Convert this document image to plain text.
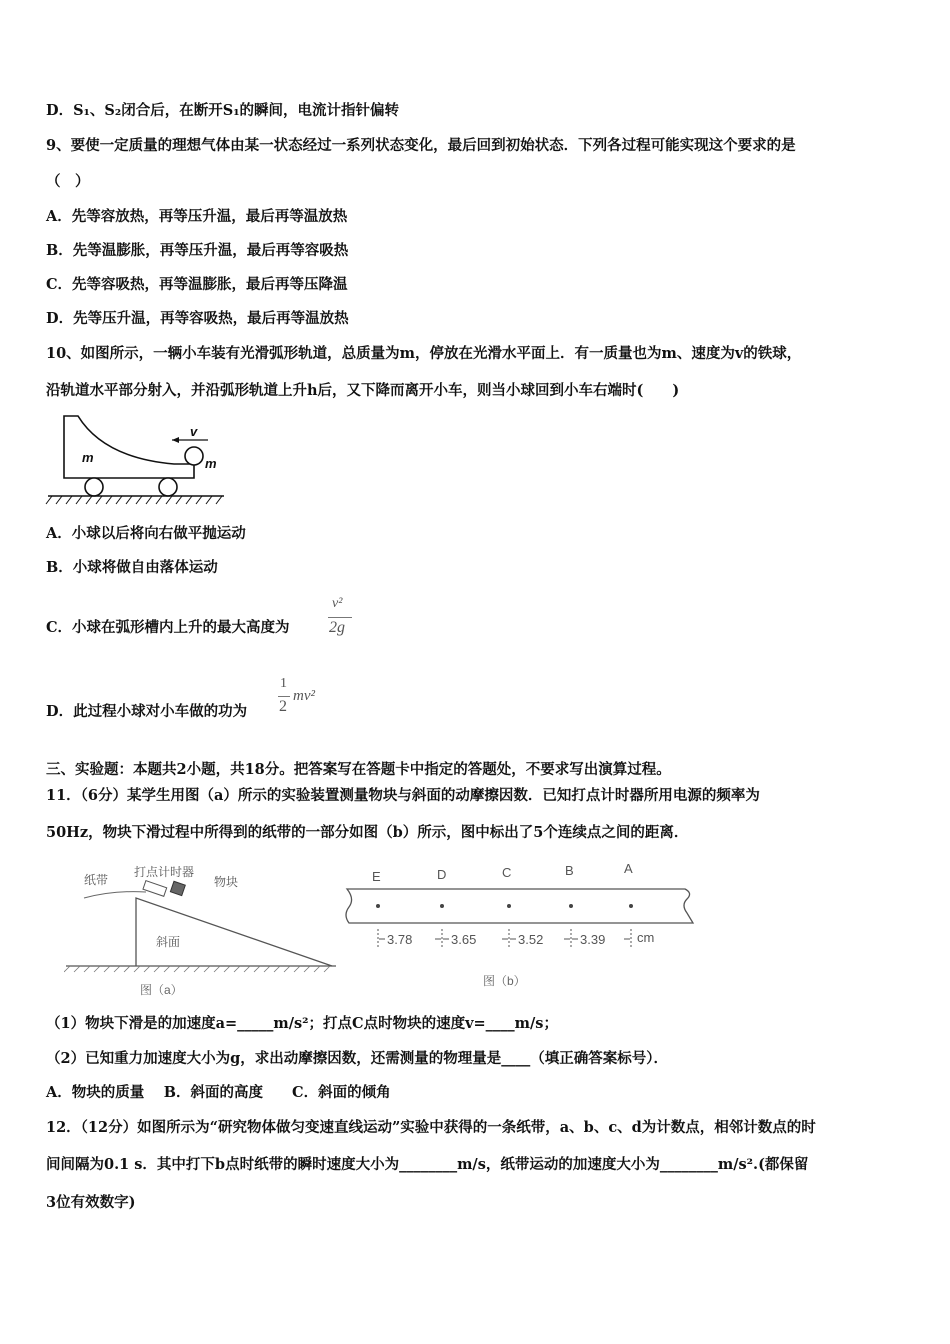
D．S₁、S₂闭合后，在断开S₁的瞬间，电流计指针偏转
9、要使一定质量的理想气体由某一状态经过一系列状态变化，最后回到初始状态．下列各过程可能实现这个要求的是
（　）
A．先等容放热，再等压升温，最后再等温放热
B．先等温膨胀，再等压升温，最后再等容吸热
C．先等容吸热，再等温膨胀，最后再等压降温
D．先等压升温，再等容吸热，最后再等温放热
10、如图所示，一辆小车装有光滑弧形轨道，总质量为m，停放在光滑水平面上．有一质量也为m、速度为v的铁球，
沿轨道水平部分射入，并沿弧形轨道上升h后，又下降而离开小车，则当小球回到小车右端时(　　)
m
v
m
A．小球以后将向右做平抛运动
B．小球将做自由落体运动
C．小球在弧形槽内上升的最大高度为
v²
2g
D．此过程小球对小车做的功为
1
2
mv²
三、实验题：本题共2小题，共18分。把答案写在答题卡中指定的答题处，不要求写出演算过程。
11．（6分）某学生用图（a）所示的实验装置测量物块与斜面的动摩擦因数．已知打点计时器所用电源的频率为
50Hz，物块下滑过程中所得到的纸带的一部分如图（b）所示，图中标出了5个连续点之间的距离．
纸带
打点计时器
物块
斜面
图（a）
E	D	C	B	A
3.78	3.65	3.52	3.39 cm
图（b）
（1）物块下滑是的加速度a=_____m/s²；打点C点时物块的速度v=____m/s；
（2）已知重力加速度大小为g，求出动摩擦因数，还需测量的物理量是____（填正确答案标号）．
A．物块的质量　 B．斜面的高度　　C．斜面的倾角
12．（12分）如图所示为“研究物体做匀变速直线运动”实验中获得的一条纸带，a、b、c、d为计数点，相邻计数点的时
间间隔为0.1 s．其中打下b点时纸带的瞬时速度大小为________m/s，纸带运动的加速度大小为________m/s².(都保留
3位有效数字)
